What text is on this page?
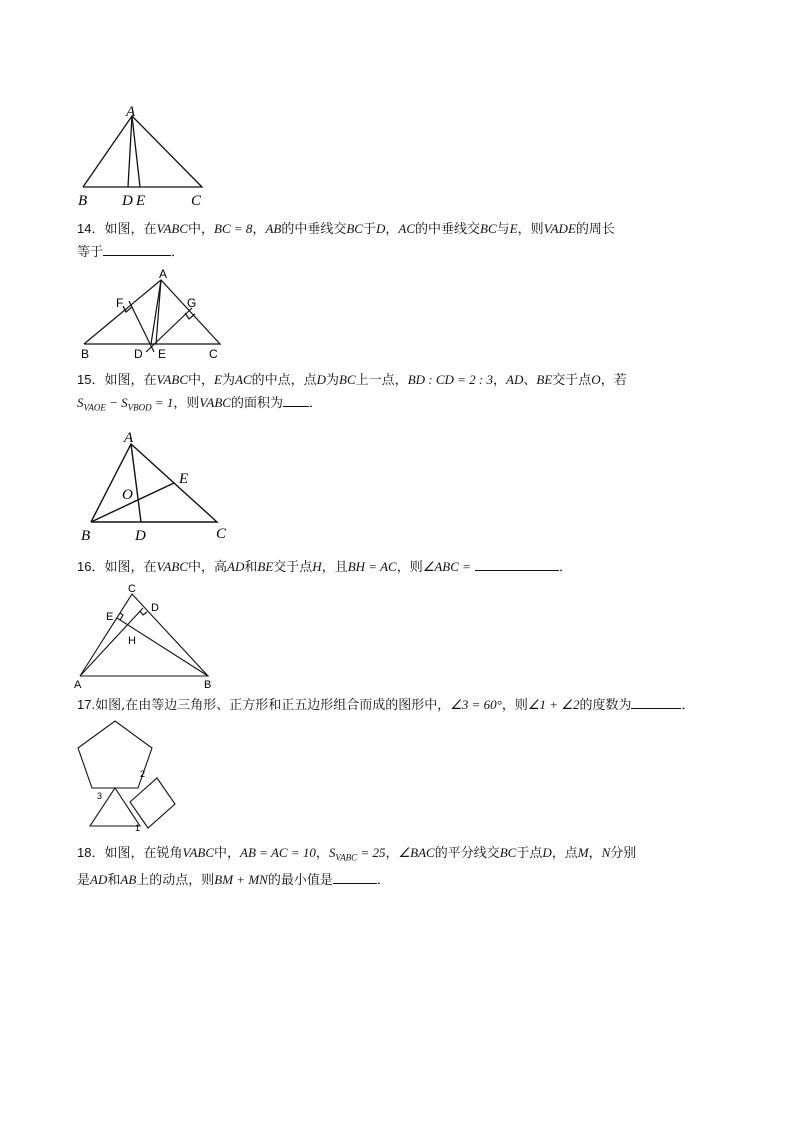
A
B D E	C
14．如图，在VABC中，BC = 8，AB的中垂线交BC于D，AC的中垂线交BC与E，则VADE的周长
等于	．
A
F	G
B	D E	C
15．如图，在VABC中，E为AC的中点，点D为BC上一点，BD : CD = 2 : 3，AD、BE交于点O，若
$S_{VAOE} - S_{VBOD} = 1$，则VABC的面积为 ．
A
E
O
B	D	C
16．如图，在VABC中，高AD和BE交于点H，且BH = AC，则∠ABC =	．
C
D
E
H
A	B
17.如图,在由等边三角形、正方形和正五边形组合而成的图形中，∠3 = 60°，则∠1 + ∠2的度数为	．
2
3
1
18．如图，在锐角VABC中，AB = AC = 10，$S_{VABC} = 25$，∠BAC的平分线交BC于点D，点M，N分别
是AD和AB上的动点，则BM + MN的最小值是	．
